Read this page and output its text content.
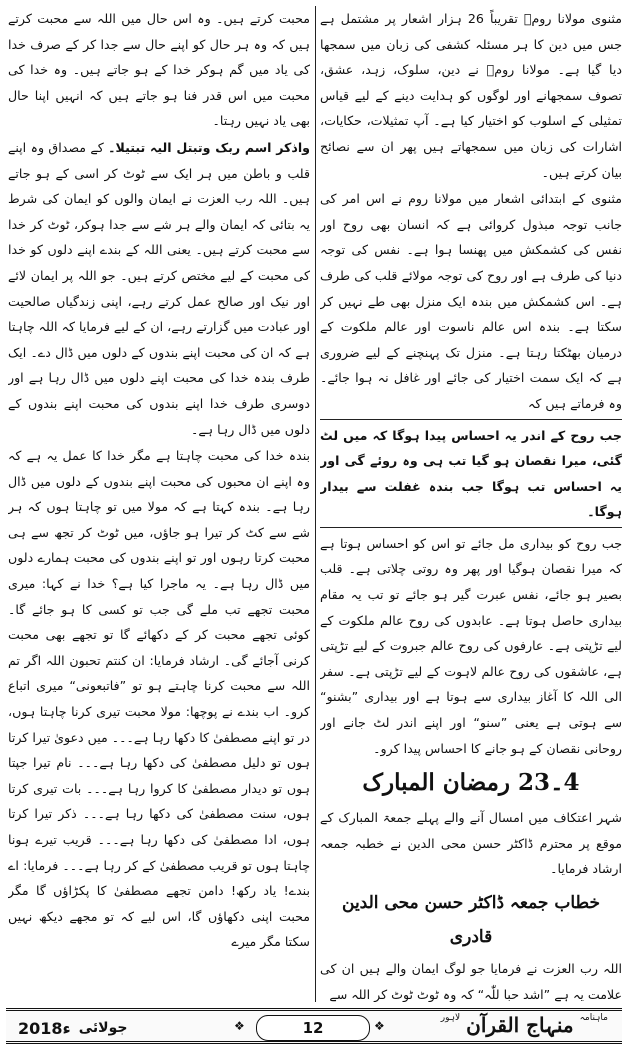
مثنوی مولانا رومؒ تقریباً 26 ہزار اشعار پر مشتمل ہے جس میں دین کا ہر مسئلہ کشفی کی زبان میں سمجھا دیا گیا ہے۔ مولانا رومؒ نے دین، سلوک، زہد، عشق، تصوف سمجھانے اور لوگوں کو ہدایت دینے کے لیے قیاس تمثیلی کے اسلوب کو اختیار کیا ہے۔ آپ تمثیلات، حکایات، اشارات کی زبان میں سمجھاتے ہیں پھر ان سے نصائح بیان کرتے ہیں۔

مثنوی کے ابتدائی اشعار میں مولانا روم نے اس امر کی جانب توجہ مبذول کروائی ہے کہ انسان بھی روح اور نفس کی کشمکش میں پھنسا ہوا ہے۔ نفس کی توجہ دنیا کی طرف ہے اور روح کی توجہ مولائے قلب کی طرف ہے۔ اس کشمکش میں بندہ ایک منزل بھی طے نہیں کر سکتا ہے۔ بندہ اس عالم ناسوت اور عالم ملکوت کے درمیان بھٹکتا رہتا ہے۔ منزل تک پہنچنے کے لیے ضروری ہے کہ ایک سمت اختیار کی جائے اور غافل نہ ہوا جائے۔ وہ فرماتے ہیں کہ

جب روح کے اندر یہ احساس پیدا ہوگا کہ میں لٹ گئی، میرا نقصان ہو گیا تب ہی وہ روئے گی اور یہ احساس تب ہوگا جب بندہ غفلت سے بیدار ہوگا۔

جب روح کو بیداری مل جائے تو اس کو احساس ہوتا ہے کہ میرا نقصان ہوگیا اور پھر وہ روتی چلاتی ہے۔ قلب بصیر ہو جائے، نفس عبرت گیر ہو جائے تو تب یہ مقام بیداری حاصل ہوتا ہے۔ عابدوں کی روح عالم ملکوت کے لیے تڑپتی ہے۔ عارفوں کی روح عالم جبروت کے لیے تڑپتی ہے، عاشقوں کی روح عالم لاہوت کے لیے تڑپتی ہے۔ سفر الی اللہ کا آغاز بیداری سے ہوتا ہے اور بیداری ”بشنو“ سے ہوتی ہے یعنی ”سنو“ اور اپنے اندر لٹ جانے اور روحانی نقصان کے ہو جانے کا احساس پیدا کرو۔

4۔23 رمضان المبارک

شہر اعتکاف میں امسال آنے والے پہلے جمعۃ المبارک کے موقع پر محترم ڈاکٹر حسن محی الدین نے خطبہ جمعہ ارشاد فرمایا۔

خطاب جمعہ ڈاکٹر حسن محی الدین قادری

اللہ رب العزت نے فرمایا جو لوگ ایمان والے ہیں ان کی علامت یہ ہے ”اشد حبا للّٰہ“ کہ وہ ٹوٹ ٹوٹ کر اللہ سے

محبت کرتے ہیں۔ وہ اس حال میں اللہ سے محبت کرتے ہیں کہ وہ ہر حال کو اپنے حال سے جدا کر کے صرف خدا کی یاد میں گم ہوکر خدا کے ہو جاتے ہیں۔ وہ خدا کی محبت میں اس قدر فنا ہو جاتے ہیں کہ انہیں اپنا حال بھی یاد نہیں رہتا۔

واذکر اسم ربک وتبتل الیہ تبتیلا۔ کے مصداق وہ اپنے قلب و باطن میں ہر ایک سے ٹوٹ کر اسی کے ہو جاتے ہیں۔ اللہ رب العزت نے ایمان والوں کو ایمان کی شرط یہ بتائی کہ ایمان والے ہر شے سے جدا ہوکر، ٹوٹ کر خدا سے محبت کرتے ہیں۔ یعنی اللہ کے بندے اپنے دلوں کو خدا کی محبت کے لیے مختص کرتے ہیں۔ جو اللہ پر ایمان لائے اور نیک اور صالح عمل کرتے رہے، اپنی زندگیاں صالحیت اور عبادت میں گزارتے رہے، ان کے لیے فرمایا کہ اللہ چاہتا ہے کہ ان کی محبت اپنے بندوں کے دلوں میں ڈال دے۔ ایک طرف بندہ خدا کی محبت اپنے دلوں میں ڈال رہا ہے اور دوسری طرف خدا اپنے بندوں کی محبت اپنے بندوں کے دلوں میں ڈال رہا ہے۔

بندہ خدا کی محبت چاہتا ہے مگر خدا کا عمل یہ ہے کہ وہ اپنے ان محبوں کی محبت اپنے بندوں کے دلوں میں ڈال رہا ہے۔ بندہ کہتا ہے کہ مولا میں تو چاہتا ہوں کہ ہر شے سے کٹ کر تیرا ہو جاؤں، میں ٹوٹ کر تجھ سے ہی محبت کرتا رہوں اور تو اپنے بندوں کی محبت ہمارے دلوں میں ڈال رہا ہے۔ یہ ماجرا کیا ہے؟ خدا نے کہا: میری محبت تجھے تب ملے گی جب تو کسی کا ہو جائے گا۔ کوئی تجھے محبت کر کے دکھائے گا تو تجھے بھی محبت کرنی آجائے گی۔ ارشاد فرمایا: ان کنتم تحبون اللہ اگر تم اللہ سے محبت کرنا چاہتے ہو تو ”فاتبعونی“ میری اتباع کرو۔ اب بندے نے پوچھا: مولا محبت تیری کرنا چاہتا ہوں، در تو اپنے مصطفیٰ کا دکھا رہا ہے۔۔۔ میں دعویٰ تیرا کرتا ہوں تو دلیل مصطفیٰ کی دکھا رہا ہے۔۔۔ نام تیرا جپتا ہوں تو دیدار مصطفیٰ کا کروا رہا ہے۔۔۔ بات تیری کرتا ہوں، سنت مصطفیٰ کی دکھا رہا ہے۔۔۔ ذکر تیرا کرتا ہوں، ادا مصطفیٰ کی دکھا رہا ہے۔۔۔ قریب تیرے ہونا چاہتا ہوں تو قریب مصطفیٰ کے کر رہا ہے۔۔۔ فرمایا: اے بندے! یاد رکھ! دامن تجھے مصطفیٰ کا پکڑاؤں گا مگر محبت اپنی دکھاؤں گا، اس لیے کہ تو مجھے دیکھ نہیں سکتا مگر میرے

جولائی
2018ء	❖	12	❖
ماہنامہ
منہاج القرآن
لاہور
